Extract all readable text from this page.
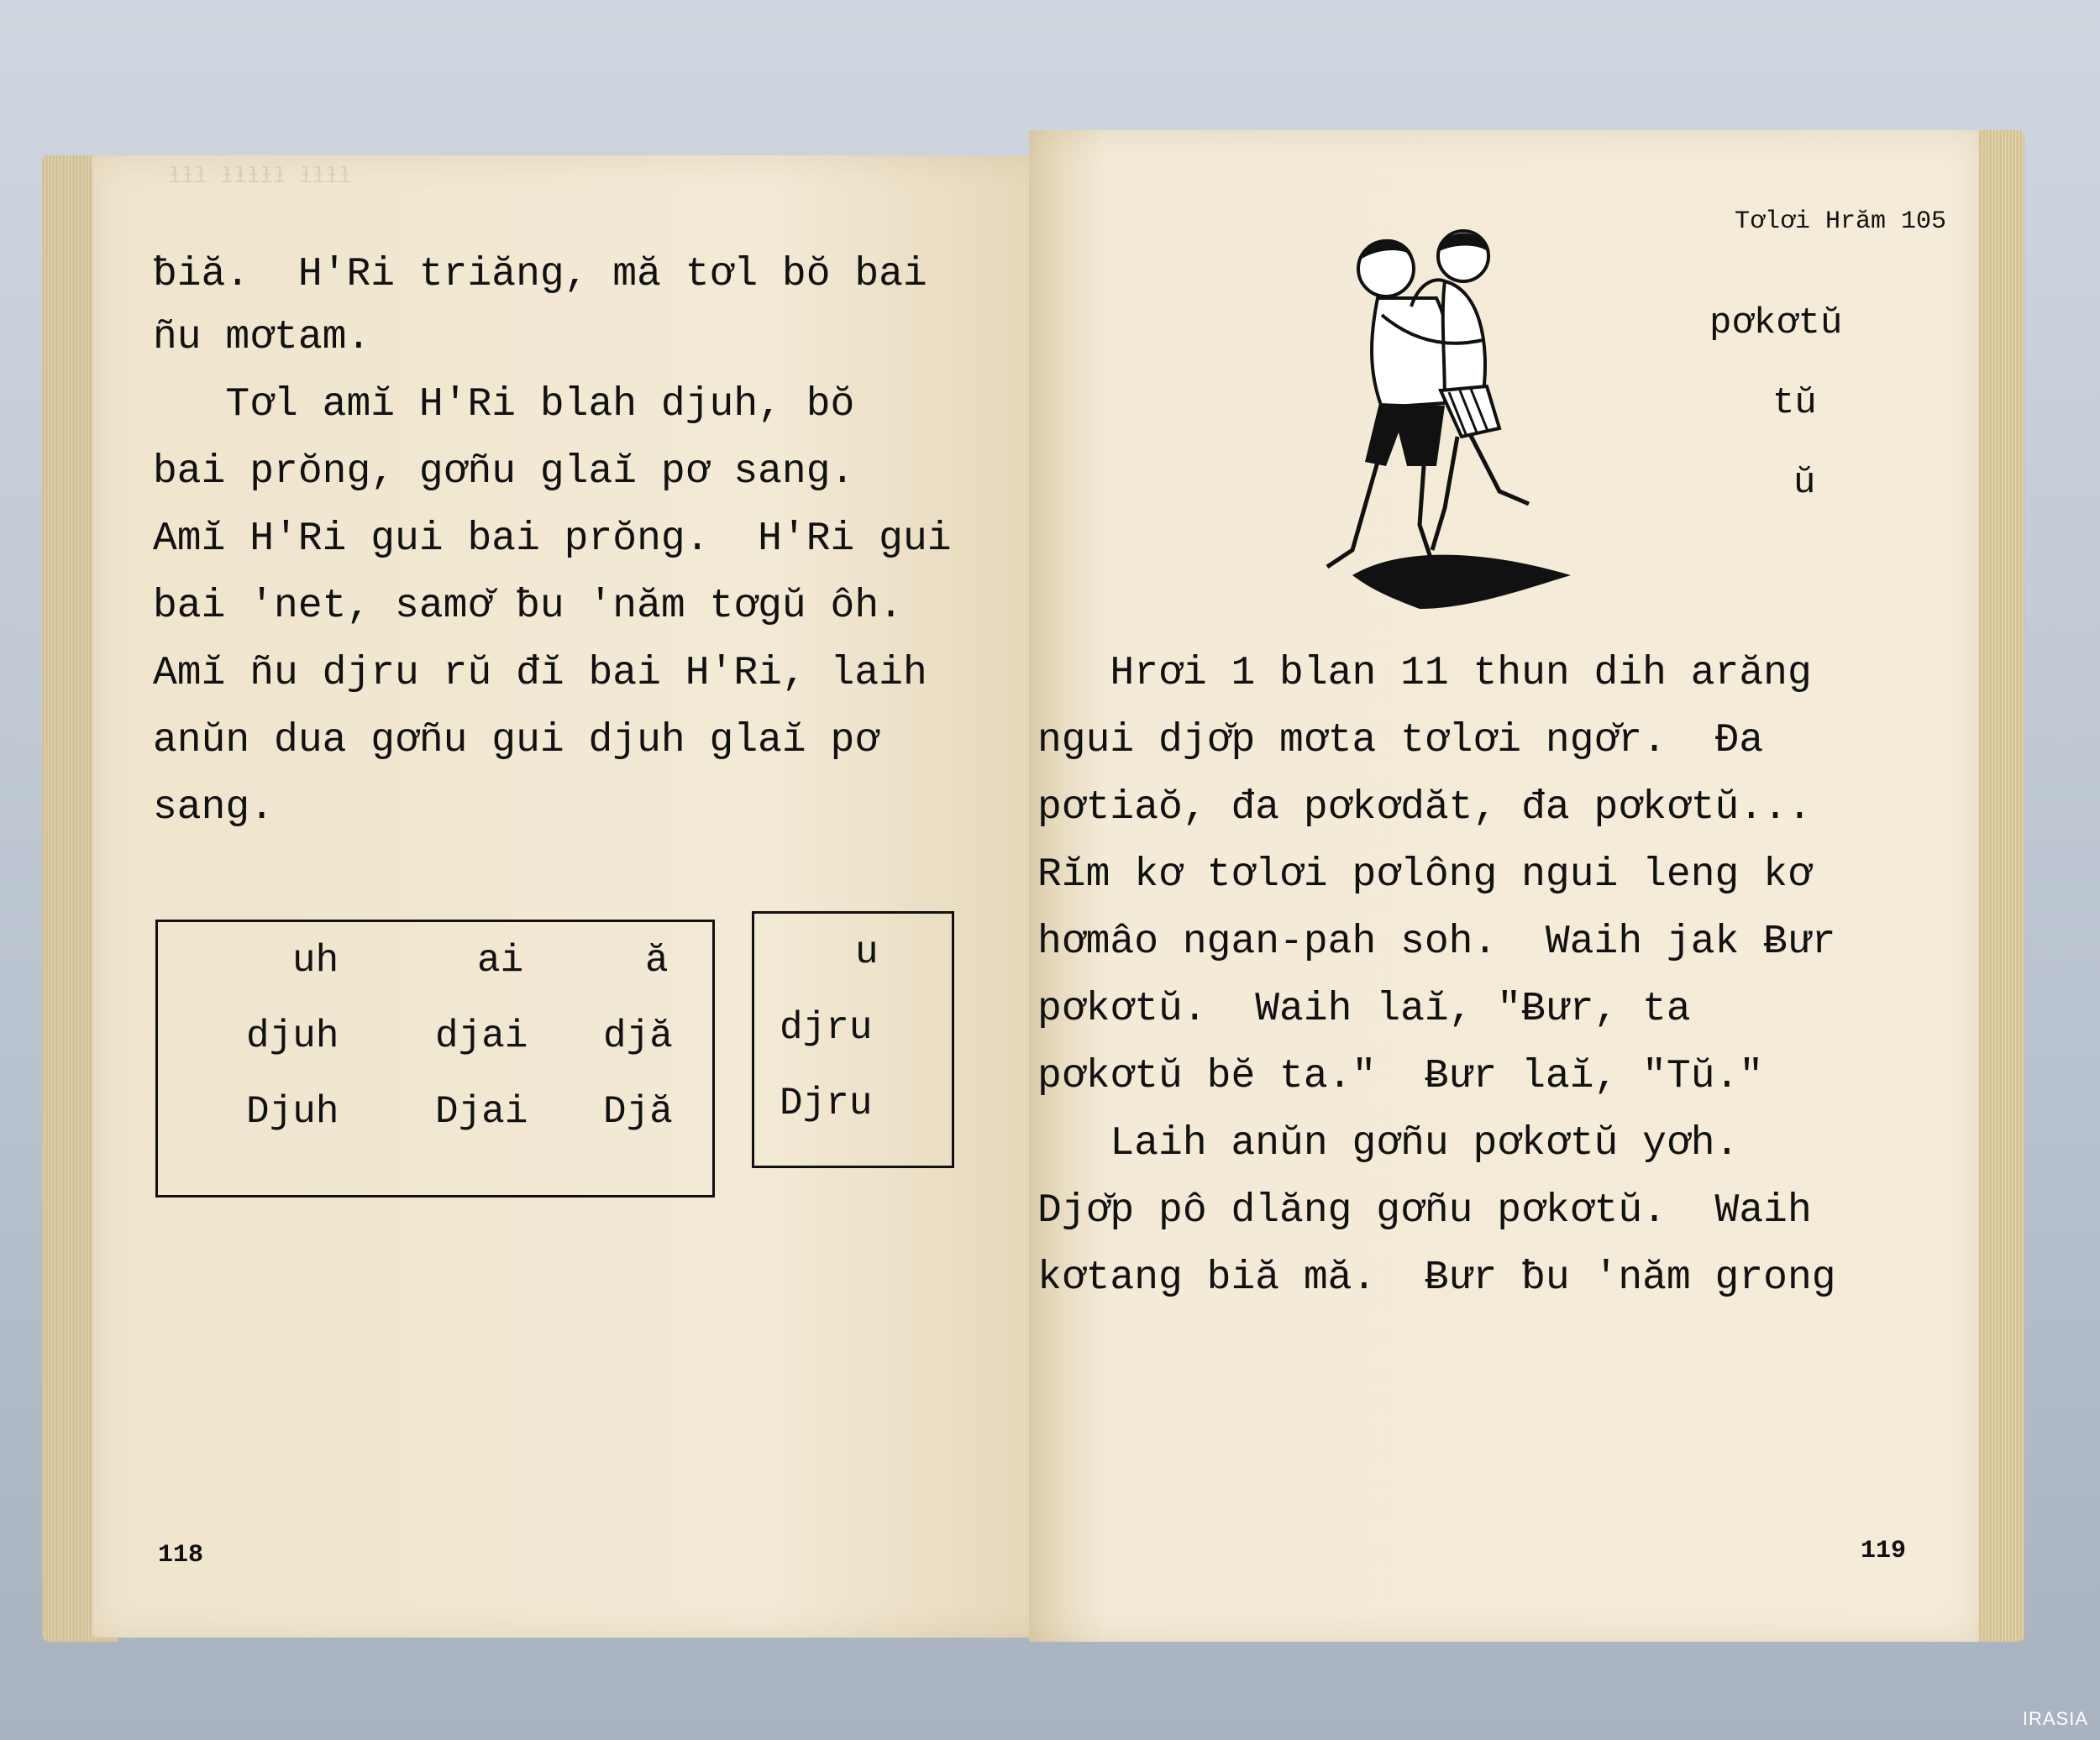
ƚƚƚ ƚƚƚƚƚ ƚƚƚƚ
ƀiă.  H'Ri triăng, mă tơl bŏ bai
ñu mơtam.
Tơl amĭ H'Ri blah djuh, bŏ
bai prŏng, gơñu glaĭ pơ sang.
Amĭ H'Ri gui bai prŏng.  H'Ri gui
bai 'net, samơ̆ ƀu 'năm tơgŭ ôh.
Amĭ ñu djru rŭ đĭ bai H'Ri, laih
anŭn dua gơñu gui djuh glaĭ pơ
sang.
uh	ai	ă
djuh djai djă
Djuh Djai Djă
u
djru
Djru
118
Tơlơi Hrăm 105
pơkơtŭ
tŭ
ŭ
Hrơi 1 blan 11 thun dih arăng
ngui djơ̆p mơta tơlơi ngơ̆r.  Đa
pơtiaŏ, đa pơkơdăt, đa pơkơtŭ...
Rĭm kơ tơlơi pơlông ngui leng kơ
hơmâo ngan-pah soh.  Waih jak Ƀưr
pơkơtŭ.  Waih laĭ, "Ƀưr, ta
pơkơtŭ bĕ ta."  Ƀưr laĭ, "Tŭ."
Laih anŭn gơñu pơkơtŭ yơh.
Djơ̆p pô dlăng gơñu pơkơtŭ.  Waih
kơtang biă mă.  Ƀưr ƀu 'năm grong
119
IRASIA
